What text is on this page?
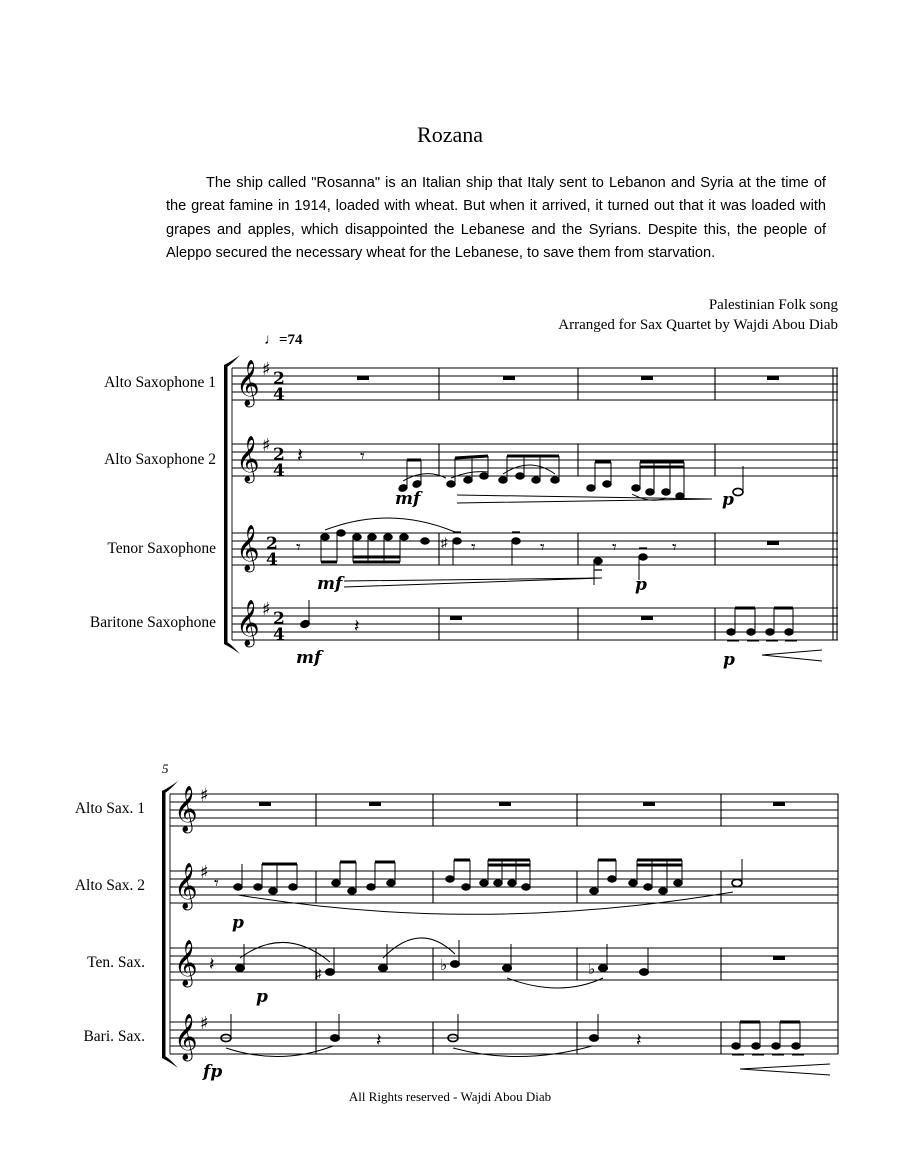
Rozana
The ship called "Rosanna" is an Italian ship that Italy sent to Lebanon and Syria at the time of the great famine in 1914, loaded with wheat. But when it arrived, it turned out that it was loaded with grapes and apples, which disappointed the Lebanese and the Syrians. Despite this, the people of Aleppo secured the necessary wheat for the Lebanese, to save them from starvation.
Palestinian Folk song
Arranged for Sax Quartet by Wajdi Abou Diab
♩=74
Alto Saxophone 1
Alto Saxophone 2
Tenor Saxophone
Baritone Saxophone
5
Alto Sax. 1
Alto Sax. 2
Ten. Sax.
Bari. Sax.
All Rights reserved - Wajdi Abou Diab
𝄞
𝄞
𝄞
𝄞
♯
♯
♯
2
4
2
4
2
4
2
4
𝄞
𝄞
𝄞
𝄞
♯
♯
♯
𝄽	𝄾
𝄾	♯ 𝄾	𝄾	𝄾	𝄾
𝄽
𝄾
𝄽	♯	♭	♭
𝄽	𝄽
mf	p
mf	p
mf	p
p
p
fp
